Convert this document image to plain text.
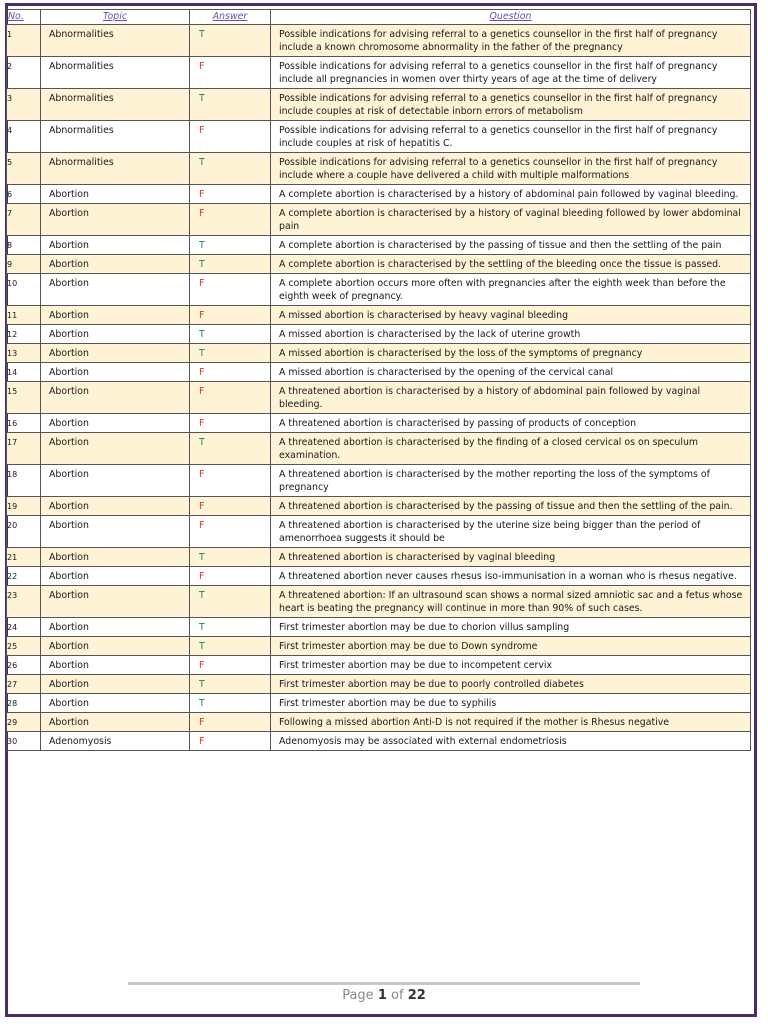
No.	Topic	Answer	Question
1	Abnormalities	T	Possible indications for advising referral to a genetics counsellor in the first half of pregnancy include a known chromosome abnormality in the father of the pregnancy
2	Abnormalities	F	Possible indications for advising referral to a genetics counsellor in the first half of pregnancy include all pregnancies in women over thirty years of age at the time of delivery
3	Abnormalities	T	Possible indications for advising referral to a genetics counsellor in the first half of pregnancy include couples at risk of detectable inborn errors of metabolism
4	Abnormalities	F	Possible indications for advising referral to a genetics counsellor in the first half of pregnancy include couples at risk of hepatitis C.
5	Abnormalities	T	Possible indications for advising referral to a genetics counsellor in the first half of pregnancy include where a couple have delivered a child with multiple malformations
6	Abortion	F	A complete abortion is characterised by a history of abdominal pain followed by vaginal bleeding.
7	Abortion	F	A complete abortion is characterised by a history of vaginal bleeding followed by lower abdominal pain
8	Abortion	T	A complete abortion is characterised by the passing of tissue and then the settling of the pain
9	Abortion	T	A complete abortion is characterised by the settling of the bleeding once the tissue is passed.
10	Abortion	F	A complete abortion occurs more often with pregnancies after the eighth week than before the eighth week of pregnancy.
11	Abortion	F	A missed abortion is characterised by heavy vaginal bleeding
12	Abortion	T	A missed abortion is characterised by the lack of uterine growth
13	Abortion	T	A missed abortion is characterised by the loss of the symptoms of pregnancy
14	Abortion	F	A missed abortion is characterised by the opening of the cervical canal
15	Abortion	F	A threatened abortion is characterised by a history of abdominal pain followed by vaginal bleeding.
16	Abortion	F	A threatened abortion is characterised by passing of products of conception
17	Abortion	T	A threatened abortion is characterised by the finding of a closed cervical os on speculum examination.
18	Abortion	F	A threatened abortion is characterised by the mother reporting the loss of the symptoms of pregnancy
19	Abortion	F	A threatened abortion is characterised by the passing of tissue and then the settling of the pain.
20	Abortion	F	A threatened abortion is characterised by the uterine size being bigger than the period of amenorrhoea suggests it should be
21	Abortion	T	A threatened abortion is characterised by vaginal bleeding
22	Abortion	F	A threatened abortion never causes rhesus iso-immunisation in a woman who is rhesus negative.
23	Abortion	T	A threatened abortion: If an ultrasound scan shows a normal sized amniotic sac and a fetus whose heart is beating the pregnancy will continue in more than 90% of such cases.
24	Abortion	T	First trimester abortion may be due to chorion villus sampling
25	Abortion	T	First trimester abortion may be due to Down syndrome
26	Abortion	F	First trimester abortion may be due to incompetent cervix
27	Abortion	T	First trimester abortion may be due to poorly controlled diabetes
28	Abortion	T	First trimester abortion may be due to syphilis
29	Abortion	F	Following a missed abortion Anti-D is not required if the mother is Rhesus negative
30	Adenomyosis	F	Adenomyosis may be associated with external endometriosis
Page 1 of 22
